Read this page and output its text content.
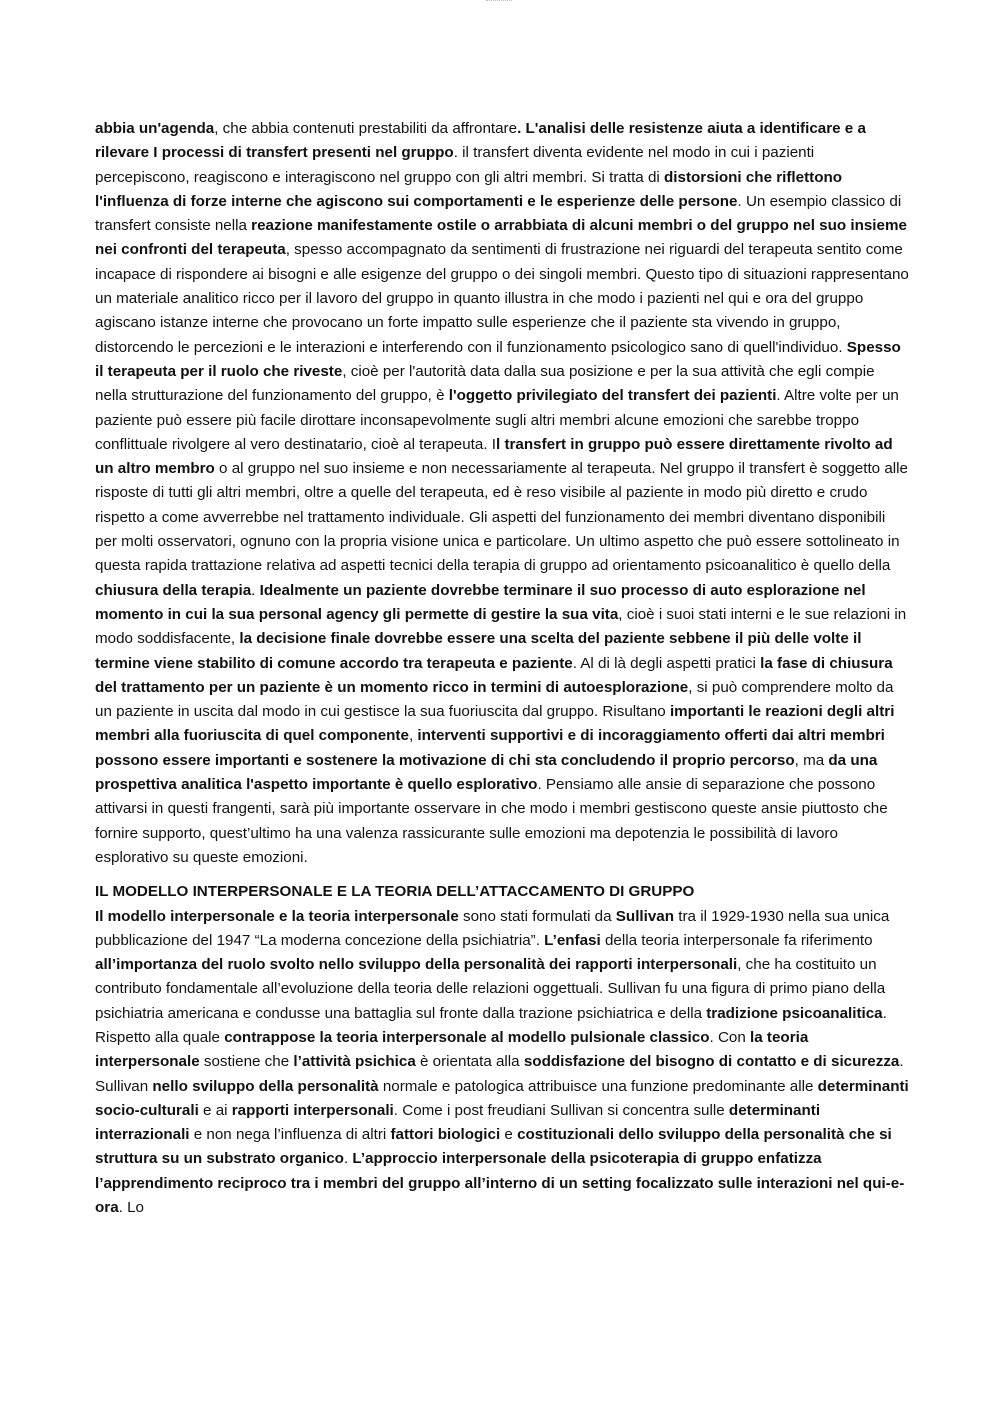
abbia un'agenda, che abbia contenuti prestabiliti da affrontare. L'analisi delle resistenze aiuta a identificare e a rilevare I processi di transfert presenti nel gruppo. il transfert diventa evidente nel modo in cui i pazienti percepiscono, reagiscono e interagiscono nel gruppo con gli altri membri. Si tratta di distorsioni che riflettono l'influenza di forze interne che agiscono sui comportamenti e le esperienze delle persone. Un esempio classico di transfert consiste nella reazione manifestamente ostile o arrabbiata di alcuni membri o del gruppo nel suo insieme nei confronti del terapeuta, spesso accompagnato da sentimenti di frustrazione nei riguardi del terapeuta sentito come incapace di rispondere ai bisogni e alle esigenze del gruppo o dei singoli membri. Questo tipo di situazioni rappresentano un materiale analitico ricco per il lavoro del gruppo in quanto illustra in che modo i pazienti nel qui e ora del gruppo agiscano istanze interne che provocano un forte impatto sulle esperienze che il paziente sta vivendo in gruppo, distorcendo le percezioni e le interazioni e interferendo con il funzionamento psicologico sano di quell'individuo. Spesso il terapeuta per il ruolo che riveste, cioè per l'autorità data dalla sua posizione e per la sua attività che egli compie nella strutturazione del funzionamento del gruppo, è l'oggetto privilegiato del transfert dei pazienti. Altre volte per un paziente può essere più facile dirottare inconsapevolmente sugli altri membri alcune emozioni che sarebbe troppo conflittuale rivolgere al vero destinatario, cioè al terapeuta. Il transfert in gruppo può essere direttamente rivolto ad un altro membro o al gruppo nel suo insieme e non necessariamente al terapeuta. Nel gruppo il transfert è soggetto alle risposte di tutti gli altri membri, oltre a quelle del terapeuta, ed è reso visibile al paziente in modo più diretto e crudo rispetto a come avverrebbe nel trattamento individuale. Gli aspetti del funzionamento dei membri diventano disponibili per molti osservatori, ognuno con la propria visione unica e particolare. Un ultimo aspetto che può essere sottolineato in questa rapida trattazione relativa ad aspetti tecnici della terapia di gruppo ad orientamento psicoanalitico è quello della chiusura della terapia. Idealmente un paziente dovrebbe terminare il suo processo di auto esplorazione nel momento in cui la sua personal agency gli permette di gestire la sua vita, cioè i suoi stati interni e le sue relazioni in modo soddisfacente, la decisione finale dovrebbe essere una scelta del paziente sebbene il più delle volte il termine viene stabilito di comune accordo tra terapeuta e paziente. Al di là degli aspetti pratici la fase di chiusura del trattamento per un paziente è un momento ricco in termini di autoesplorazione, si può comprendere molto da un paziente in uscita dal modo in cui gestisce la sua fuoriuscita dal gruppo. Risultano importanti le reazioni degli altri membri alla fuoriuscita di quel componente, interventi supportivi e di incoraggiamento offerti dai altri membri possono essere importanti e sostenere la motivazione di chi sta concludendo il proprio percorso, ma da una prospettiva analitica l'aspetto importante è quello esplorativo. Pensiamo alle ansie di separazione che possono attivarsi in questi frangenti, sarà più importante osservare in che modo i membri gestiscono queste ansie piuttosto che fornire supporto, quest’ultimo ha una valenza rassicurante sulle emozioni ma depotenzia le possibilità di lavoro esplorativo su queste emozioni.

IL MODELLO INTERPERSONALE E LA TEORIA DELL’ATTACCAMENTO DI GRUPPO

Il modello interpersonale e la teoria interpersonale sono stati formulati da Sullivan tra il 1929-1930 nella sua unica pubblicazione del 1947 “La moderna concezione della psichiatria”. L’enfasi della teoria interpersonale fa riferimento all’importanza del ruolo svolto nello sviluppo della personalità dei rapporti interpersonali, che ha costituito un contributo fondamentale all’evoluzione della teoria delle relazioni oggettuali. Sullivan fu una figura di primo piano della psichiatria americana e condusse una battaglia sul fronte dalla trazione psichiatrica e della tradizione psicoanalitica. Rispetto alla quale contrappose la teoria interpersonale al modello pulsionale classico. Con la teoria interpersonale sostiene che l’attività psichica è orientata alla soddisfazione del bisogno di contatto e di sicurezza. Sullivan nello sviluppo della personalità normale e patologica attribuisce una funzione predominante alle determinanti socio-culturali e ai rapporti interpersonali. Come i post freudiani Sullivan si concentra sulle determinanti interrazionali e non nega l’influenza di altri fattori biologici e costituzionali dello sviluppo della personalità che si struttura su un substrato organico. L’approccio interpersonale della psicoterapia di gruppo enfatizza l’apprendimento reciproco tra i membri del gruppo all’interno di un setting focalizzato sulle interazioni nel qui-e-ora. Lo
